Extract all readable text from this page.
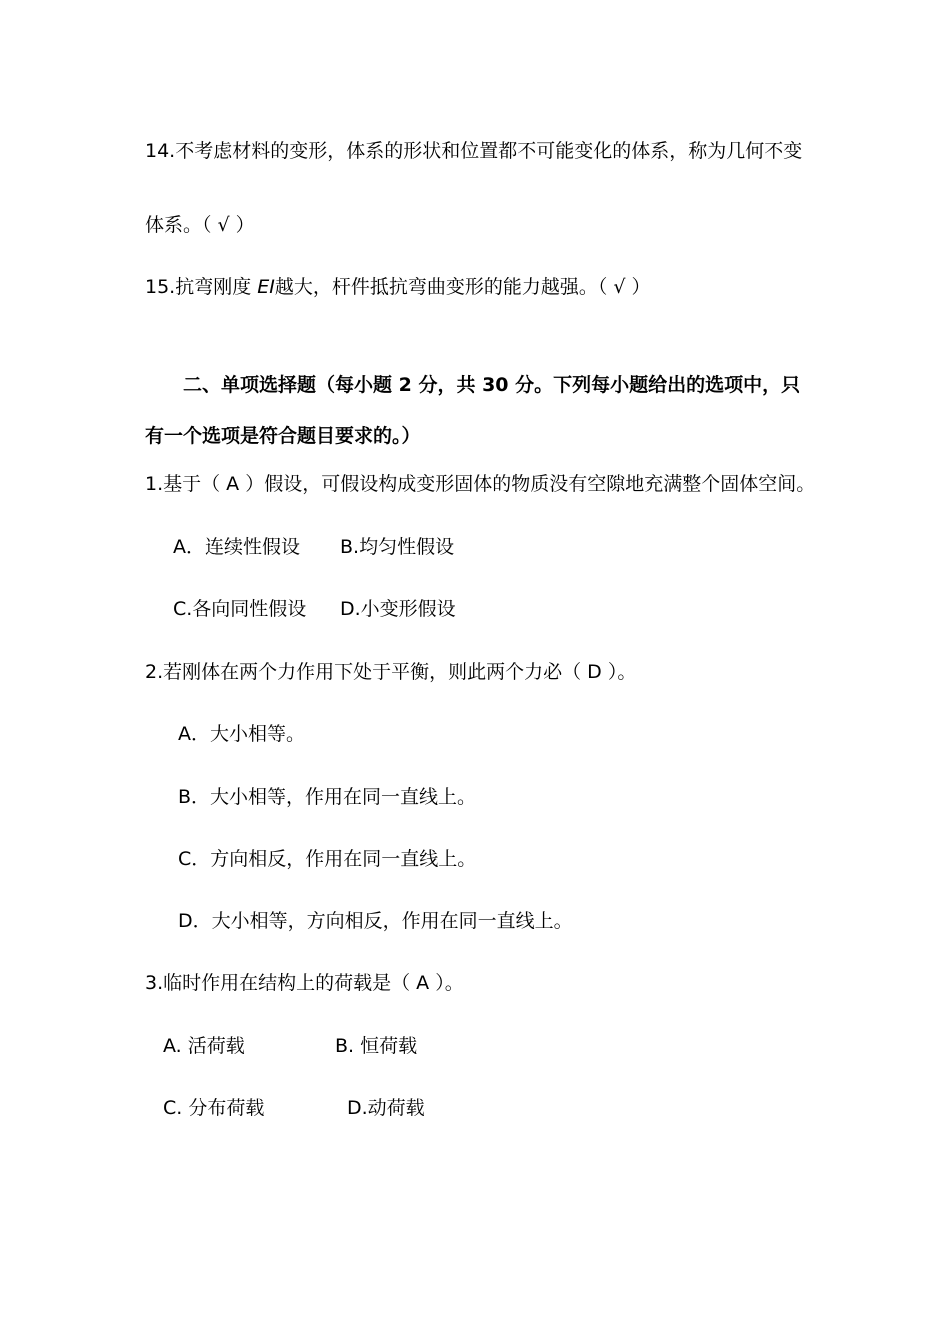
14.不考虑材料的变形，体系的形状和位置都不可能变化的体系，称为几何不变
体系。（ √ ）
15.抗弯刚度 EI越大，杆件抵抗弯曲变形的能力越强。（ √ ）
二、单项选择题（每小题 2 分，共 30 分。下列每小题给出的选项中，只
有一个选项是符合题目要求的。）
1.基于（ A ）假设，可假设构成变形固体的物质没有空隙地充满整个固体空间。
A．连续性假设 B.均匀性假设
C.各向同性假设 D.小变形假设
2.若刚体在两个力作用下处于平衡，则此两个力必（ D ）。
A．大小相等。
B．大小相等，作用在同一直线上。
C．方向相反，作用在同一直线上。
D．大小相等，方向相反，作用在同一直线上。
3.临时作用在结构上的荷载是（ A ）。
A. 活荷载	B. 恒荷载
C. 分布荷载	D.动荷载
